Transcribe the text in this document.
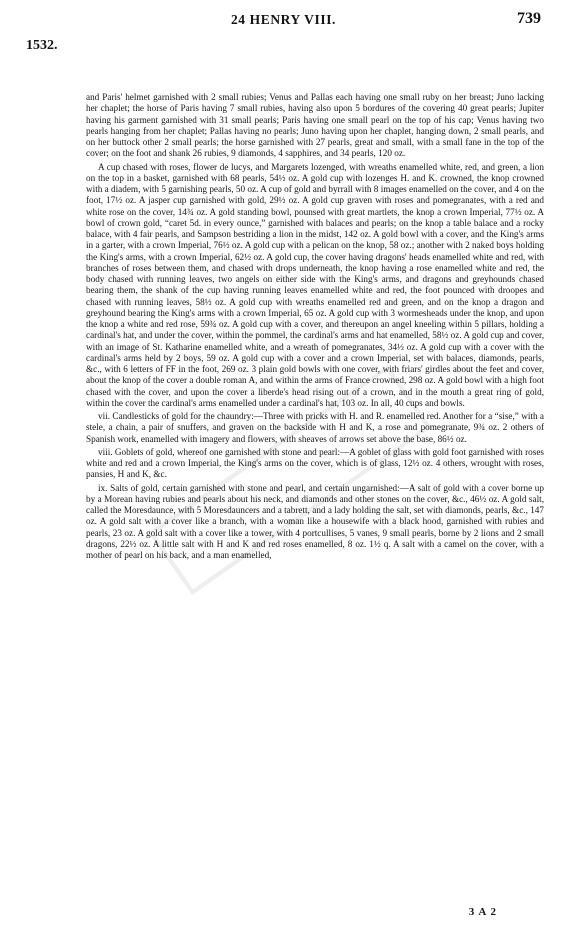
24 HENRY VIII.	739
1532.

and Paris' helmet garnished with 2 small rubies; Venus and Pallas each having one small ruby on her breast; Juno lacking her chaplet; the horse of Paris having 7 small rubies, having also upon 5 bordures of the covering 40 great pearls; Jupiter having his garment garnished with 31 small pearls; Paris having one small pearl on the top of his cap; Venus having two pearls hanging from her chaplet; Pallas having no pearls; Juno having upon her chaplet, hanging down, 2 small pearls, and on her buttock other 2 small pearls; the horse garnished with 27 pearls, great and small, with a small fane in the top of the cover; on the foot and shank 26 rubies, 9 diamonds, 4 sapphires, and 34 pearls, 120 oz.

A cup chased with roses, flower de lucys, and Margarets lozenged, with wreaths enamelled white, red, and green, a lion on the top in a basket, garnished with 68 pearls, 54½ oz. A gold cup with lozenges H. and K. crowned, the knop crowned with a diadem, with 5 garnishing pearls, 50 oz. A cup of gold and byrrall with 8 images enamelled on the cover, and 4 on the foot, 17½ oz. A jasper cup garnished with gold, 29½ oz. A gold cup graven with roses and pomegranates, with a red and white rose on the cover, 14¾ oz. A gold standing bowl, pounsed with great martlets, the knop a crown Imperial, 77½ oz. A bowl of crown gold, “caret 5d. in every ounce,” garnished with balaces and pearls; on the knop a table balace and a rocky balace, with 4 fair pearls, and Sampson bestriding a lion in the midst, 142 oz. A gold bowl with a cover, and the King's arms in a garter, with a crown Imperial, 76½ oz. A gold cup with a pelican on the knop, 58 oz.; another with 2 naked boys holding the King's arms, with a crown Imperial, 62½ oz. A gold cup, the cover having dragons' heads enamelled white and red, with branches of roses between them, and chased with drops underneath, the knop having a rose enamelled white and red, the body chased with running leaves, two angels on either side with the King's arms, and dragons and greyhounds chased bearing them, the shank of the cup having running leaves enamelled white and red, the foot pounced with droopes and chased with running leaves, 58½ oz. A gold cup with wreaths enamelled red and green, and on the knop a dragon and greyhound bearing the King's arms with a crown Imperial, 65 oz. A gold cup with 3 wormesheads under the knop, and upon the knop a white and red rose, 59¾ oz. A gold cup with a cover, and thereupon an angel kneeling within 5 pillars, holding a cardinal's hat, and under the cover, within the pommel, the cardinal's arms and hat enamelled, 58½ oz. A gold cup and cover, with an image of St. Katharine enamelled white, and a wreath of pomegranates, 34½ oz. A gold cup with a cover with the cardinal's arms held by 2 boys, 59 oz. A gold cup with a cover and a crown Imperial, set with balaces, diamonds, pearls, &c., with 6 letters of FF in the foot, 269 oz. 3 plain gold bowls with one cover, with friars' girdles about the feet and cover, about the knop of the cover a double roman A, and within the arms of France crowned, 298 oz. A gold bowl with a high foot chased with the cover, and upon the cover a liberde's head rising out of a crown, and in the mouth a great ring of gold, within the cover the cardinal's arms enamelled under a cardinal's hat, 103 oz. In all, 40 cups and bowls.

vii. Candlesticks of gold for the chaundry:—Three with pricks with H. and R. enamelled red. Another for a “sise,” with a stele, a chain, a pair of snuffers, and graven on the backside with H and K, a rose and pomegranate, 9¾ oz. 2 others of Spanish work, enamelled with imagery and flowers, with sheaves of arrows set above the base, 86½ oz.

viii. Goblets of gold, whereof one garnished with stone and pearl:—A goblet of glass with gold foot garnished with roses white and red and a crown Imperial, the King's arms on the cover, which is of glass, 12½ oz. 4 others, wrought with roses, pansies, H and K, &c.

ix. Salts of gold, certain garnished with stone and pearl, and certain ungarnished:—A salt of gold with a cover borne up by a Morean having rubies and pearls about his neck, and diamonds and other stones on the cover, &c., 46½ oz. A gold salt, called the Moresdaunce, with 5 Moresdauncers and a tabrett, and a lady holding the salt, set with diamonds, pearls, &c., 147 oz. A gold salt with a cover like a branch, with a woman like a housewife with a black hood, garnished with rubies and pearls, 23 oz. A gold salt with a cover like a tower, with 4 portcullises, 5 vanes, 9 small pearls, borne by 2 lions and 2 small dragons, 22½ oz. A little salt with H and K and red roses enamelled, 8 oz. 1½ q. A salt with a camel on the cover, with a mother of pearl on his back, and a man enamelled,

3 A 2
